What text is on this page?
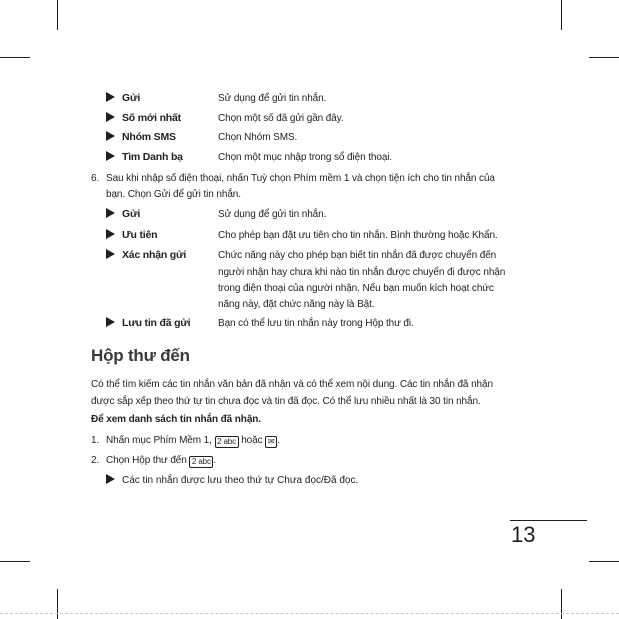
Gửi	Sử dụng để gửi tin nhắn.
Số mới nhất	Chọn một số đã gửi gần đây.
Nhóm SMS	Chọn Nhóm SMS.
Tìm Danh bạ	Chọn một mục nhập trong sổ điện thoại.
6. Sau khi nhập số điện thoại, nhấn Tuỳ chọn Phím mềm 1 và chọn tiện ích cho tin nhắn của
bạn. Chọn Gửi để gửi tin nhắn.
Gửi	Sử dụng để gửi tin nhắn.
Ưu tiên	Cho phép bạn đặt ưu tiên cho tin nhắn. Bình thường hoặc Khẩn.
Xác nhận gửi	Chức năng này cho phép bạn biết tin nhắn đã được chuyển đến
người nhận hay chưa khi nào tin nhắn được chuyển đi được nhận
trong điện thoại của người nhận. Nếu bạn muốn kích hoạt chức
năng này, đặt chức năng này là Bật.
Lưu tin đã gửi	Bạn có thể lưu tin nhắn này trong Hộp thư đi.
Hộp thư đến
Có thể tìm kiếm các tin nhắn văn bản đã nhận và có thể xem nội dung. Các tin nhắn đã nhận
được sắp xếp theo thứ tự tin chưa đọc và tin đã đọc. Có thể lưu nhiều nhất là 30 tin nhắn.
Để xem danh sách tin nhắn đã nhận.
1. Nhấn mục Phím Mềm 1, 2 abc hoặc ✉ .
2. Chọn Hộp thư đến 2 abc .
Các tin nhắn được lưu theo thứ tự Chưa đọc/Đã đọc.
13
